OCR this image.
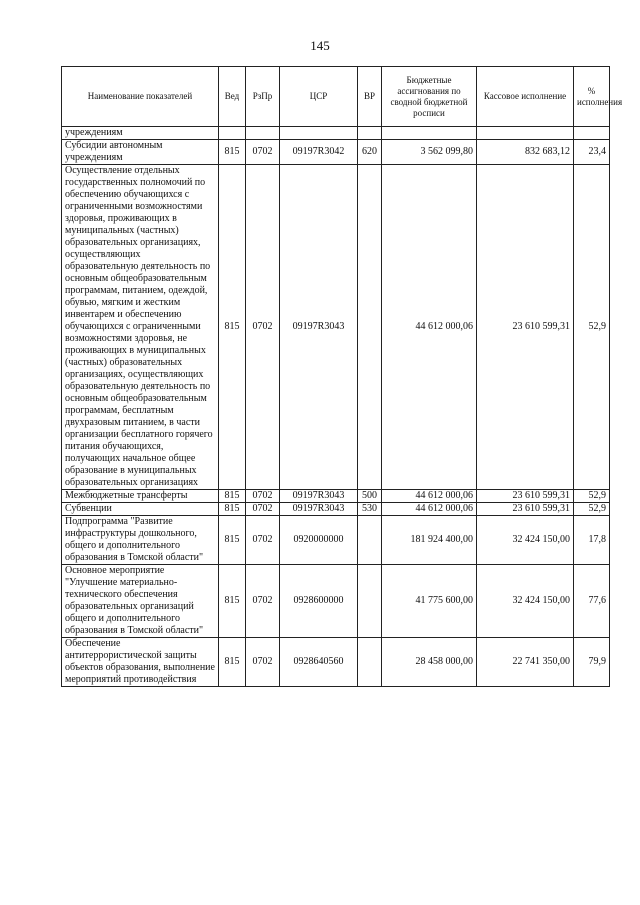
145
Наименование показателей	Вед	РзПр	ЦСР	ВР	Бюджетные ассигнования по сводной бюджетной росписи	Кассовое исполнение	% исполнения
учреждениям							
Субсидии автономным учреждениям	815	0702	09197R3042	620	3 562 099,80	832 683,12	23,4
Осуществление отдельных государственных полномочий по обеспечению обучающихся с ограниченными возможностями здоровья, проживающих в муниципальных (частных) образовательных организациях, осуществляющих образовательную деятельность по основным общеобразовательным программам, питанием, одеждой, обувью, мягким и жестким инвентарем и обеспечению обучающихся с ограниченными возможностями здоровья, не проживающих в муниципальных (частных) образовательных организациях, осуществляющих образовательную деятельность по основным общеобразовательным программам, бесплатным двухразовым питанием, в части организации бесплатного горячего питания обучающихся, получающих начальное общее образование в муниципальных образовательных организациях	815	0702	09197R3043		44 612 000,06	23 610 599,31	52,9
Межбюджетные трансферты	815	0702	09197R3043	500	44 612 000,06	23 610 599,31	52,9
Субвенции	815	0702	09197R3043	530	44 612 000,06	23 610 599,31	52,9
Подпрограмма "Развитие инфраструктуры дошкольного, общего и дополнительного образования в Томской области"	815	0702	0920000000		181 924 400,00	32 424 150,00	17,8
Основное мероприятие "Улучшение материально-технического обеспечения образовательных организаций общего и дополнительного образования в Томской области"	815	0702	0928600000		41 775 600,00	32 424 150,00	77,6
Обеспечение антитеррористической защиты объектов образования, выполнение мероприятий противодействия	815	0702	0928640560		28 458 000,00	22 741 350,00	79,9
